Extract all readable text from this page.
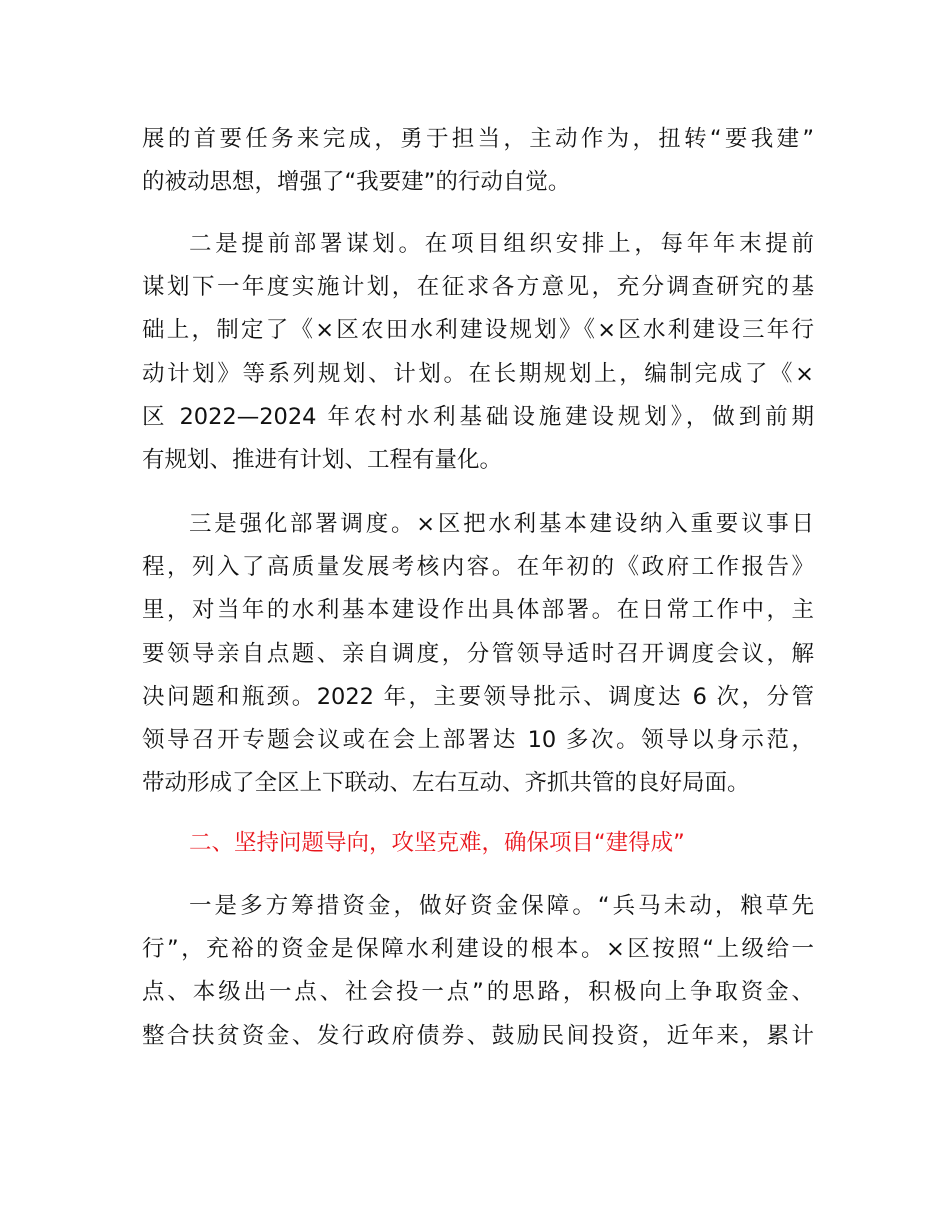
展的首要任务来完成，勇于担当，主动作为，扭转“要我建”
的被动思想，增强了“我要建”的行动自觉。
二是提前部署谋划。在项目组织安排上，每年年末提前
谋划下一年度实施计划，在征求各方意见，充分调查研究的基
础上，制定了《×区农田水利建设规划》《×区水利建设三年行
动计划》等系列规划、计划。在长期规划上，编制完成了《×
区 2022—2024 年农村水利基础设施建设规划》，做到前期
有规划、推进有计划、工程有量化。
三是强化部署调度。×区把水利基本建设纳入重要议事日
程，列入了高质量发展考核内容。在年初的《政府工作报告》
里，对当年的水利基本建设作出具体部署。在日常工作中，主
要领导亲自点题、亲自调度，分管领导适时召开调度会议，解
决问题和瓶颈。2022 年，主要领导批示、调度达 6 次，分管
领导召开专题会议或在会上部署达 10 多次。领导以身示范，
带动形成了全区上下联动、左右互动、齐抓共管的良好局面。
二、坚持问题导向，攻坚克难，确保项目“建得成”
一是多方筹措资金，做好资金保障。“兵马未动，粮草先
行”，充裕的资金是保障水利建设的根本。×区按照“上级给一
点、本级出一点、社会投一点”的思路，积极向上争取资金、
整合扶贫资金、发行政府债券、鼓励民间投资，近年来，累计
